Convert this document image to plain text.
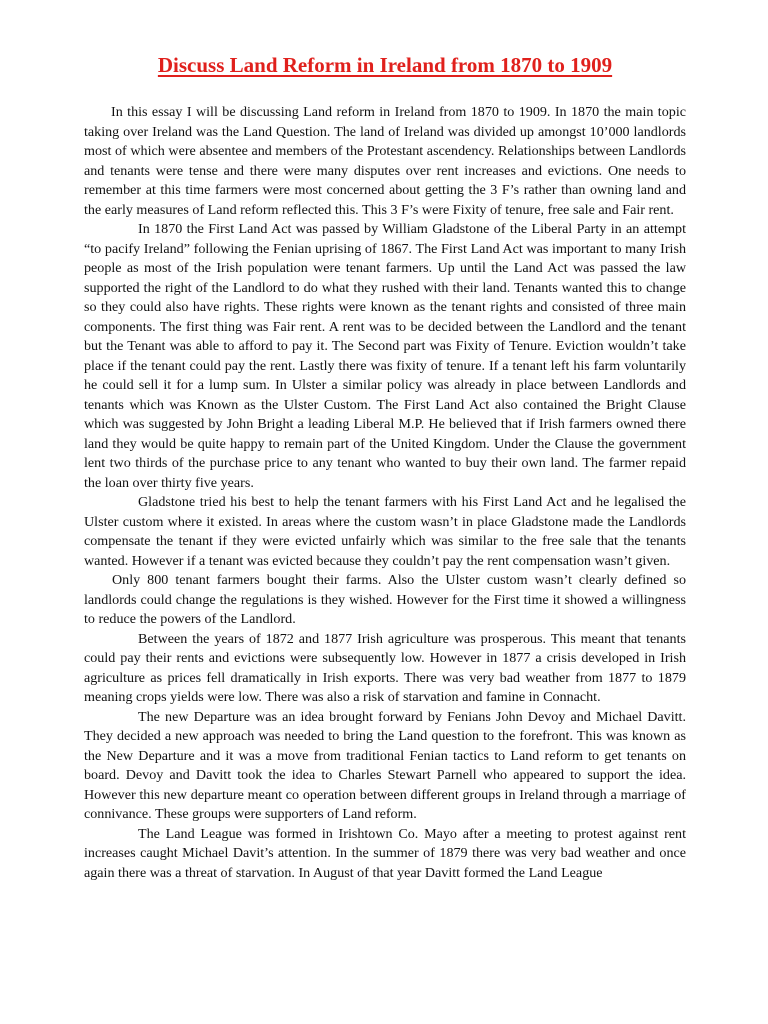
Discuss Land Reform in Ireland from 1870 to 1909

In this essay I will be discussing Land reform in Ireland from 1870 to 1909. In 1870 the main topic taking over Ireland was the Land Question. The land of Ireland was divided up amongst 10’000 landlords most of which were absentee and members of the Protestant ascendency. Relationships between Landlords and tenants were tense and there were many disputes over rent increases and evictions. One needs to remember at this time farmers were most concerned about getting the 3 F’s rather than owning land and the early measures of Land reform reflected this. This 3 F’s were Fixity of tenure, free sale and Fair rent.

In 1870 the First Land Act was passed by William Gladstone of the Liberal Party in an attempt “to pacify Ireland” following the Fenian uprising of 1867. The First Land Act was important to many Irish people as most of the Irish population were tenant farmers. Up until the Land Act was passed the law supported the right of the Landlord to do what they rushed with their land. Tenants wanted this to change so they could also have rights. These rights were known as the tenant rights and consisted of three main components. The first thing was Fair rent. A rent was to be decided between the Landlord and the tenant but the Tenant was able to afford to pay it. The Second part was Fixity of Tenure. Eviction wouldn’t take place if the tenant could pay the rent. Lastly there was fixity of tenure. If a tenant left his farm voluntarily he could sell it for a lump sum. In Ulster a similar policy was already in place between Landlords and tenants which was Known as the Ulster Custom. The First Land Act also contained the Bright Clause which was suggested by John Bright a leading Liberal M.P. He believed that if Irish farmers owned there land they would be quite happy to remain part of the United Kingdom. Under the Clause the government lent two thirds of the purchase price to any tenant who wanted to buy their own land. The farmer repaid the loan over thirty five years.

Gladstone tried his best to help the tenant farmers with his First Land Act and he legalised the Ulster custom where it existed. In areas where the custom wasn’t in place Gladstone made the Landlords compensate the tenant if they were evicted unfairly which was similar to the free sale that the tenants wanted. However if a tenant was evicted because they couldn’t pay the rent compensation wasn’t given.

Only 800 tenant farmers bought their farms. Also the Ulster custom wasn’t clearly defined so landlords could change the regulations is they wished. However for the First time it showed a willingness to reduce the powers of the Landlord.

Between the years of 1872 and 1877 Irish agriculture was prosperous. This meant that tenants could pay their rents and evictions were subsequently low. However in 1877 a crisis developed in Irish agriculture as prices fell dramatically in Irish exports. There was very bad weather from 1877 to 1879 meaning crops yields were low. There was also a risk of starvation and famine in Connacht.

The new Departure was an idea brought forward by Fenians John Devoy and Michael Davitt. They decided a new approach was needed to bring the Land question to the forefront. This was known as the New Departure and it was a move from traditional Fenian tactics to Land reform to get tenants on board. Devoy and Davitt took the idea to Charles Stewart Parnell who appeared to support the idea. However this new departure meant co operation between different groups in Ireland through a marriage of connivance. These groups were supporters of Land reform.

The Land League was formed in Irishtown Co. Mayo after a meeting to protest against rent increases caught Michael Davit’s attention. In the summer of 1879 there was very bad weather and once again there was a threat of starvation. In August of that year Davitt formed the Land League
